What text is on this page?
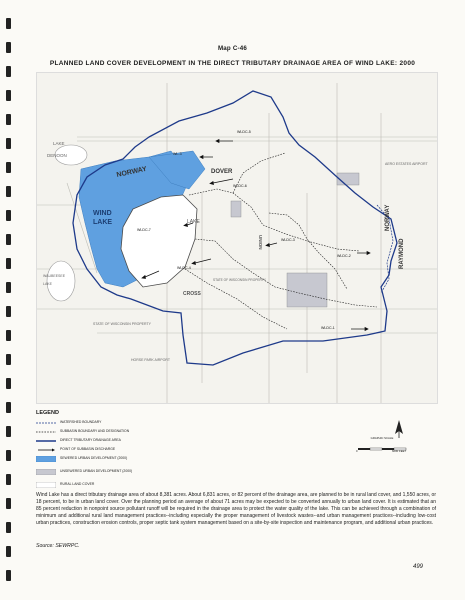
Map C-46
PLANNED LAND COVER DEVELOPMENT IN THE DIRECT TRIBUTARY DRAINAGE AREA OF WIND LAKE: 2000
WIND
LAKE	LAKE
NORWAY	DOVER
LAKE
DENOON
WAUBEESEE
LAKE
AERO ESTATES AIRPORT
STATE OF WISCONSIN PROPERTY
STATE OF WISCONSIN PROPERTY
HORSE PARK AIRPORT
CROSS
UNION
NORWAY
RAYMOND
WLDC-5
WL-3
WLDC-6
WLDC-7
WLDC-4
WLDC-3
WLDC-2
WLDC-1
LEGEND
WATERSHED BOUNDARY
SUBBASIN BOUNDARY AND DESIGNATION
DIRECT TRIBUTARY DRAINAGE AREA
POINT OF SUBBASIN DISCHARGE
SEWERED URBAN DEVELOPMENT (2000)
UNSEWERED URBAN DEVELOPMENT (2000)
RURAL LAND COVER
GRAPHIC SCALE
0	6000 FEET
Wind Lake has a direct tributary drainage area of about 8,381 acres. About 6,831 acres, or 82 percent of the drainage area, are planned to be in rural land cover, and 1,550 acres, or 18 percent, to be in urban land cover. Over the planning period an average of about 71 acres may be expected to be converted annually to urban land cover. It is estimated that an 85 percent reduction in nonpoint source pollutant runoff will be required in the drainage area to protect the water quality of the lake. This can be achieved through a combination of minimum and additional rural land management practices--including especially the proper management of livestock wastes--and urban management practices--including low-cost urban practices, construction erosion controls, proper septic tank system management based on a site-by-site inspection and maintenance program, and additional urban practices.
Source: SEWRPC.
499
